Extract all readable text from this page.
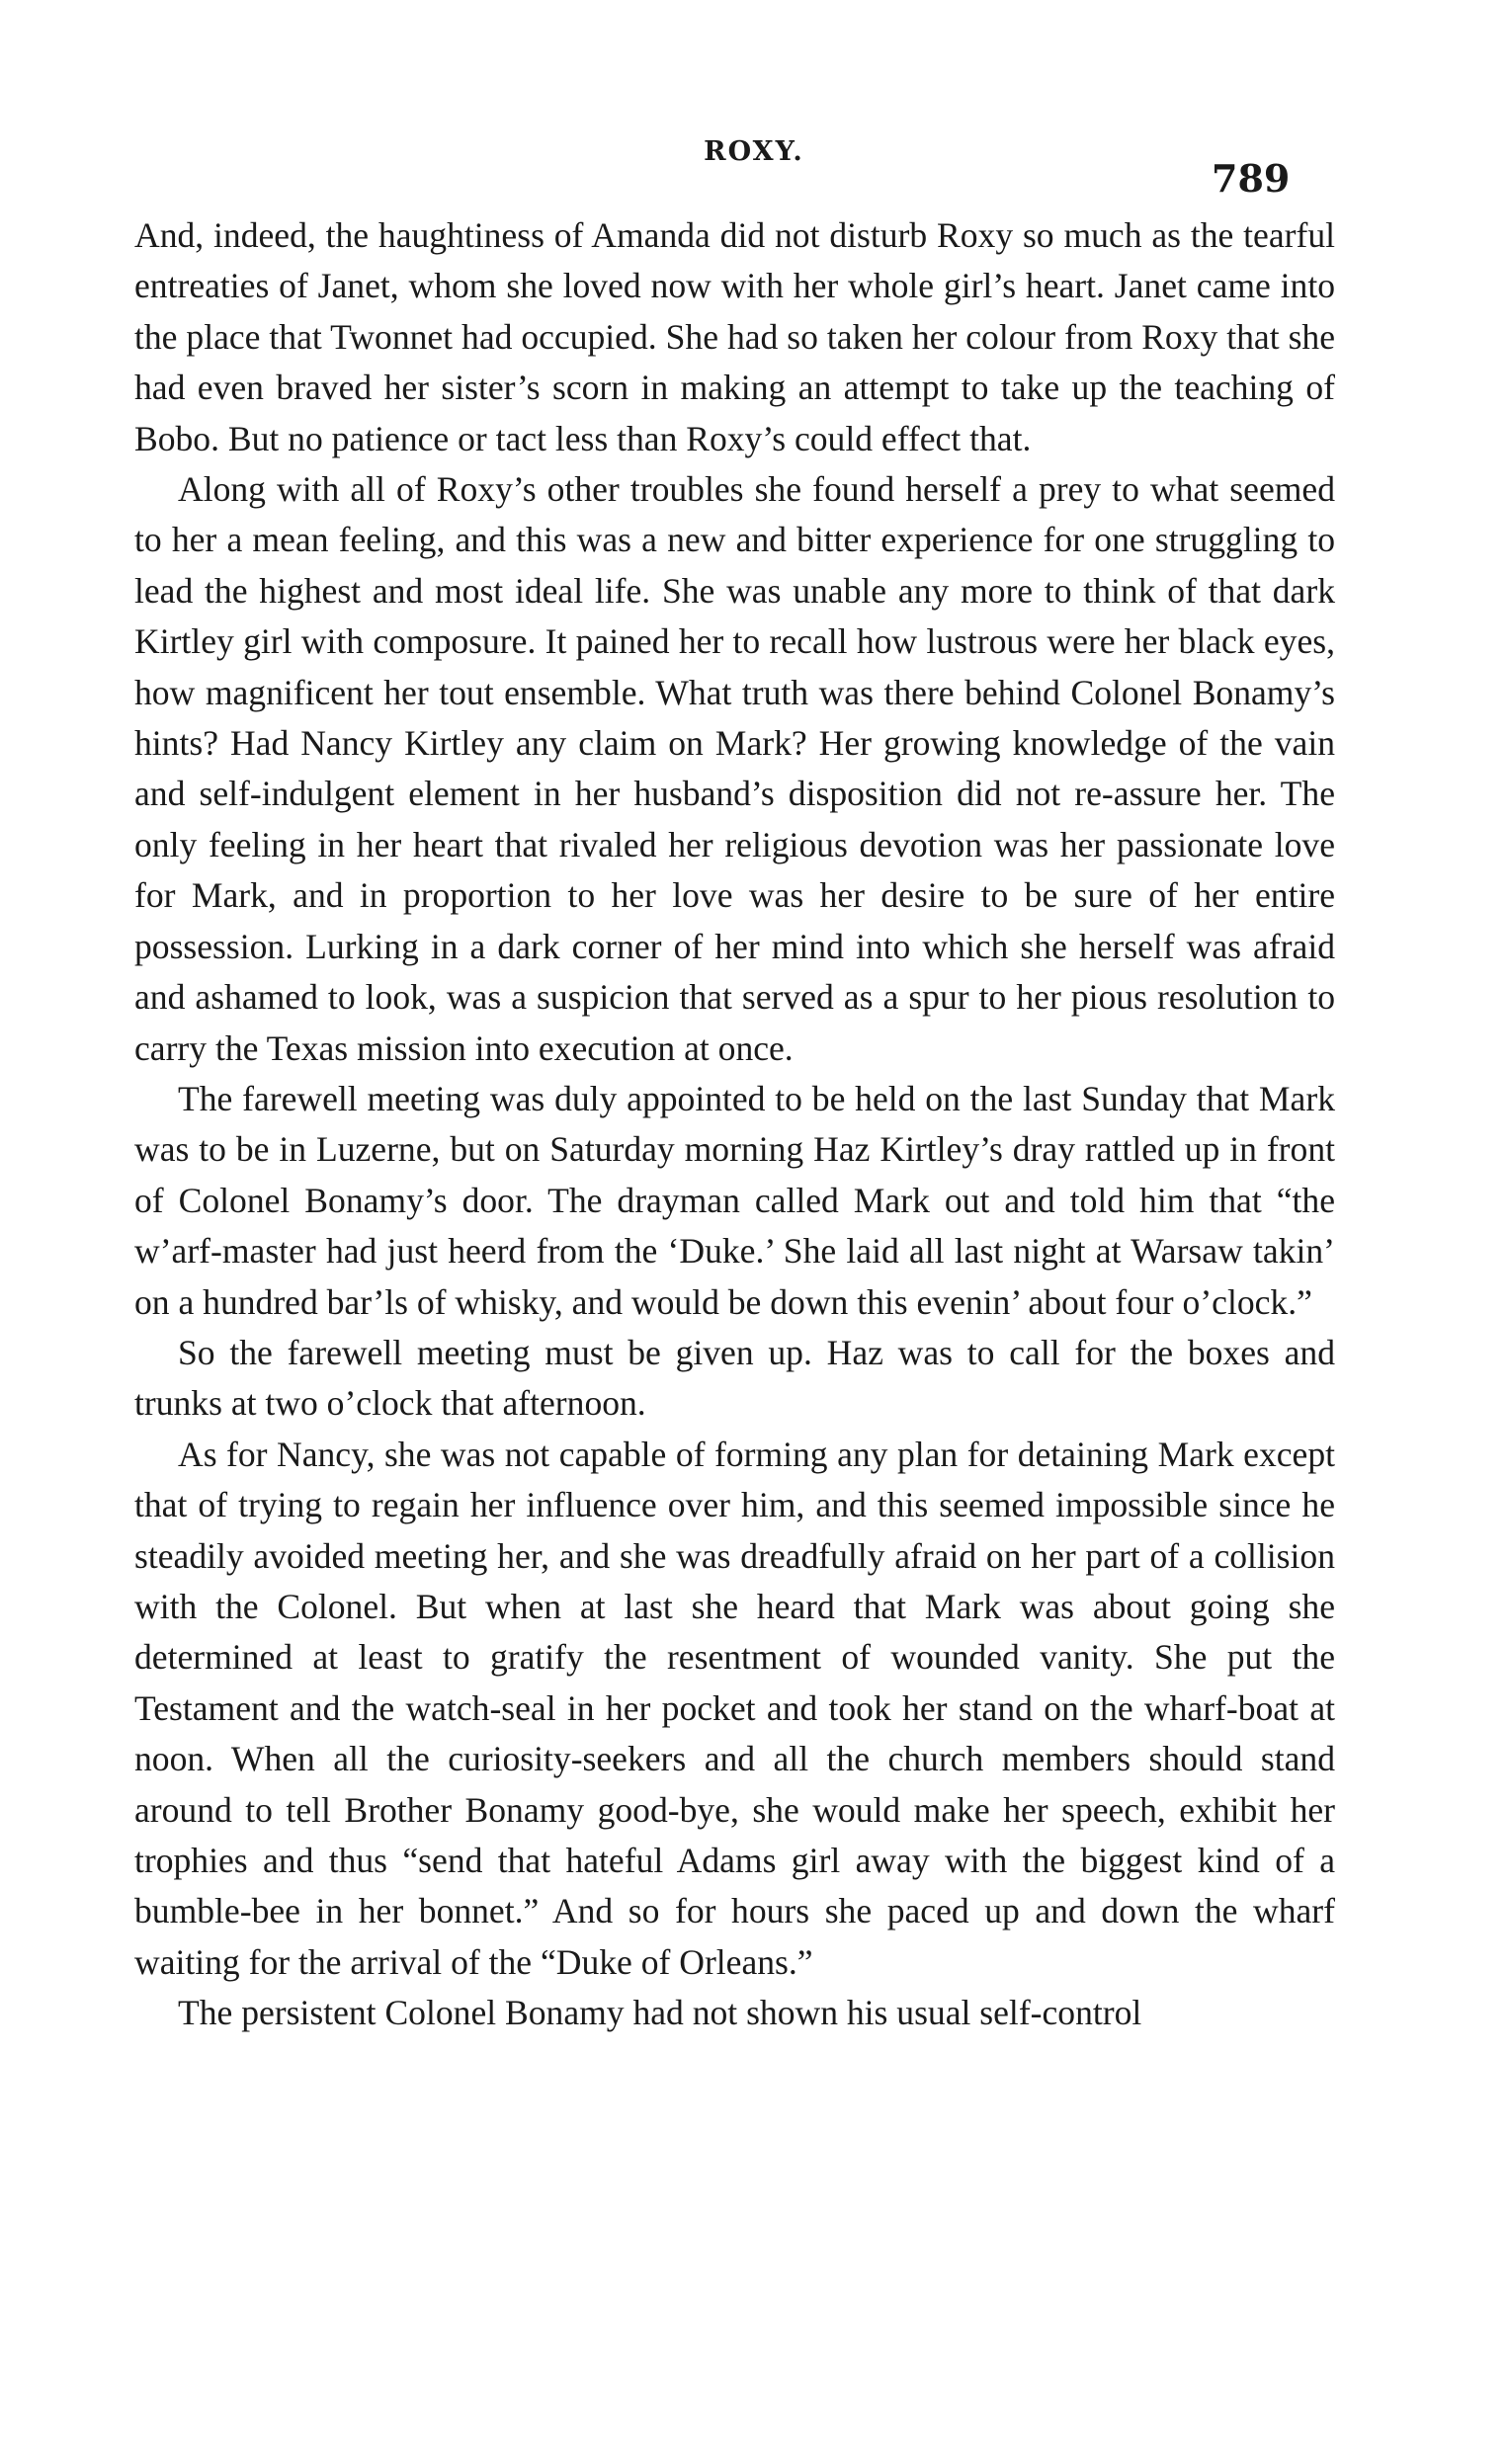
ROXY.
789

And, indeed, the haughtiness of Amanda did not disturb Roxy so much as the tearful entreaties of Janet, whom she loved now with her whole girl’s heart. Janet came into the place that Twonnet had occupied. She had so taken her colour from Roxy that she had even braved her sister’s scorn in making an attempt to take up the teaching of Bobo. But no patience or tact less than Roxy’s could effect that.

Along with all of Roxy’s other troubles she found herself a prey to what seemed to her a mean feeling, and this was a new and bitter experience for one struggling to lead the highest and most ideal life. She was unable any more to think of that dark Kirtley girl with composure. It pained her to recall how lustrous were her black eyes, how magnificent her tout ensemble. What truth was there behind Colonel Bonamy’s hints? Had Nancy Kirtley any claim on Mark? Her growing knowledge of the vain and self-indulgent element in her husband’s disposition did not re-assure her. The only feeling in her heart that rivaled her religious devotion was her passionate love for Mark, and in proportion to her love was her desire to be sure of her entire possession. Lurking in a dark corner of her mind into which she herself was afraid and ashamed to look, was a suspicion that served as a spur to her pious resolution to carry the Texas mission into execution at once.

The farewell meeting was duly appointed to be held on the last Sunday that Mark was to be in Luzerne, but on Saturday morning Haz Kirtley’s dray rattled up in front of Colonel Bonamy’s door. The drayman called Mark out and told him that “the w’arf-master had just heerd from the ‘Duke.’ She laid all last night at Warsaw takin’ on a hundred bar’ls of whisky, and would be down this evenin’ about four o’clock.”

So the farewell meeting must be given up. Haz was to call for the boxes and trunks at two o’clock that afternoon.

As for Nancy, she was not capable of forming any plan for detaining Mark except that of trying to regain her influence over him, and this seemed impossible since he steadily avoided meeting her, and she was dreadfully afraid on her part of a collision with the Colonel. But when at last she heard that Mark was about going she determined at least to gratify the resentment of wounded vanity. She put the Testament and the watch-seal in her pocket and took her stand on the wharf-boat at noon. When all the curiosity-seekers and all the church members should stand around to tell Brother Bonamy good-bye, she would make her speech, exhibit her trophies and thus “send that hateful Adams girl away with the biggest kind of a bumble-bee in her bonnet.” And so for hours she paced up and down the wharf waiting for the arrival of the “Duke of Orleans.”

The persistent Colonel Bonamy had not shown his usual self-control
